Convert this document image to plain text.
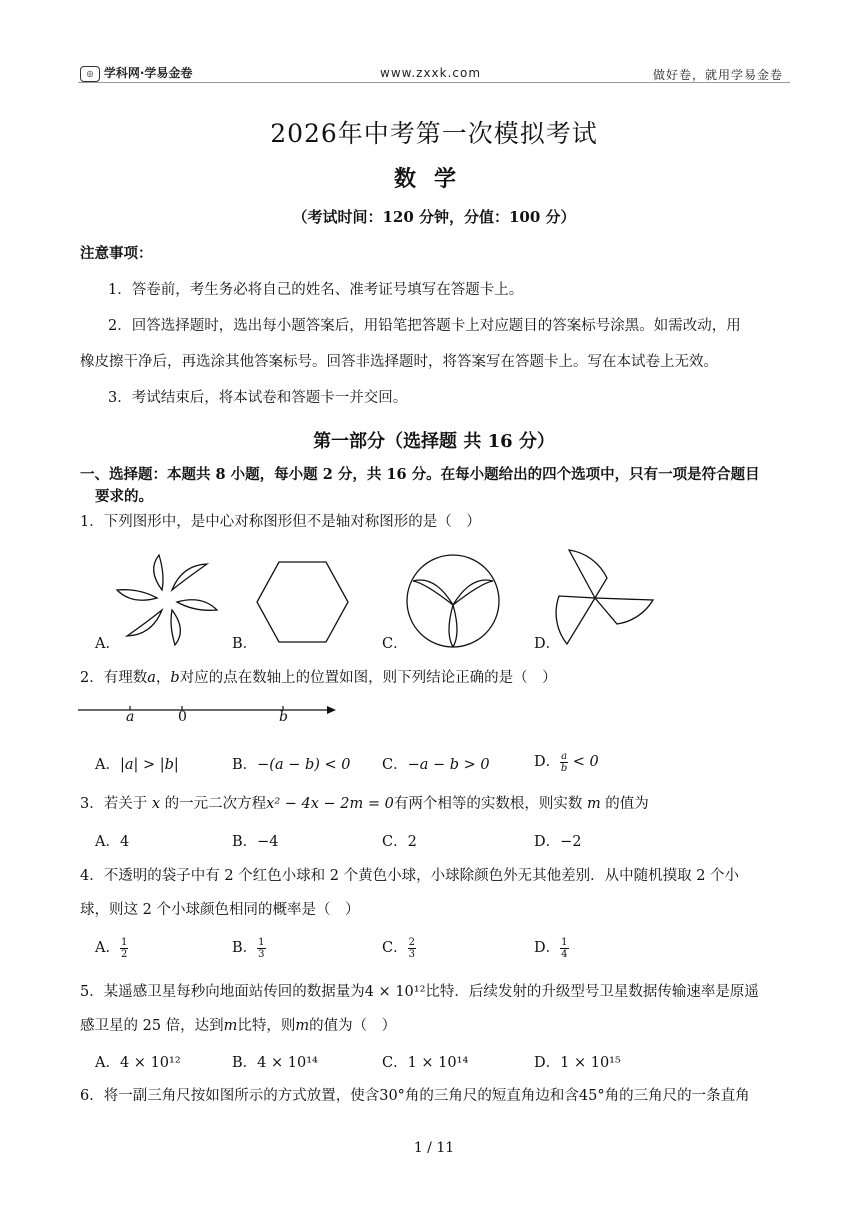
◎ 学科网·学易金卷	www.zxxk.com	做好卷，就用学易金卷
2026年中考第一次模拟考试
数学
（考试时间：120 分钟，分值：100 分）
注意事项：
1．答卷前，考生务必将自己的姓名、准考证号填写在答题卡上。
2．回答选择题时，选出每小题答案后，用铅笔把答题卡上对应题目的答案标号涂黑。如需改动，用
橡皮擦干净后，再选涂其他答案标号。回答非选择题时，将答案写在答题卡上。写在本试卷上无效。
3．考试结束后，将本试卷和答题卡一并交回。
第一部分（选择题 共 16 分）
一、选择题：本题共 8 小题，每小题 2 分，共 16 分。在每小题给出的四个选项中，只有一项是符合题目
要求的。
1．下列图形中，是中心对称图形但不是轴对称图形的是（　）
A．	B．	C．	D．
2．有理数a，b对应的点在数轴上的位置如图，则下列结论正确的是（　）
a	0	b
A．|a| > |b|	B．−(a − b) < 0 C．−a − b > 0	D． $\frac{a}{b} < 0$
3．若关于 x 的一元二次方程x² − 4x − 2m = 0有两个相等的实数根，则实数 m 的值为
A．4	B．−4	C．2	D．−2
4．不透明的袋子中有 2 个红色小球和 2 个黄色小球，小球除颜色外无其他差别．从中随机摸取 2 个小
球，则这 2 个小球颜色相同的概率是（　）
A． $\frac{1}{2}$	B． $\frac{1}{3}$	C． $\frac{2}{3}$	D． $\frac{1}{4}$
5．某遥感卫星每秒向地面站传回的数据量为4 × 10¹²比特．后续发射的升级型号卫星数据传输速率是原遥
感卫星的 25 倍，达到m比特，则m的值为（　）
A．4 × 10¹²	B．4 × 10¹⁴	C．1 × 10¹⁴	D．1 × 10¹⁵
6．将一副三角尺按如图所示的方式放置，使含30°角的三角尺的短直角边和含45°角的三角尺的一条直角
1 / 11
